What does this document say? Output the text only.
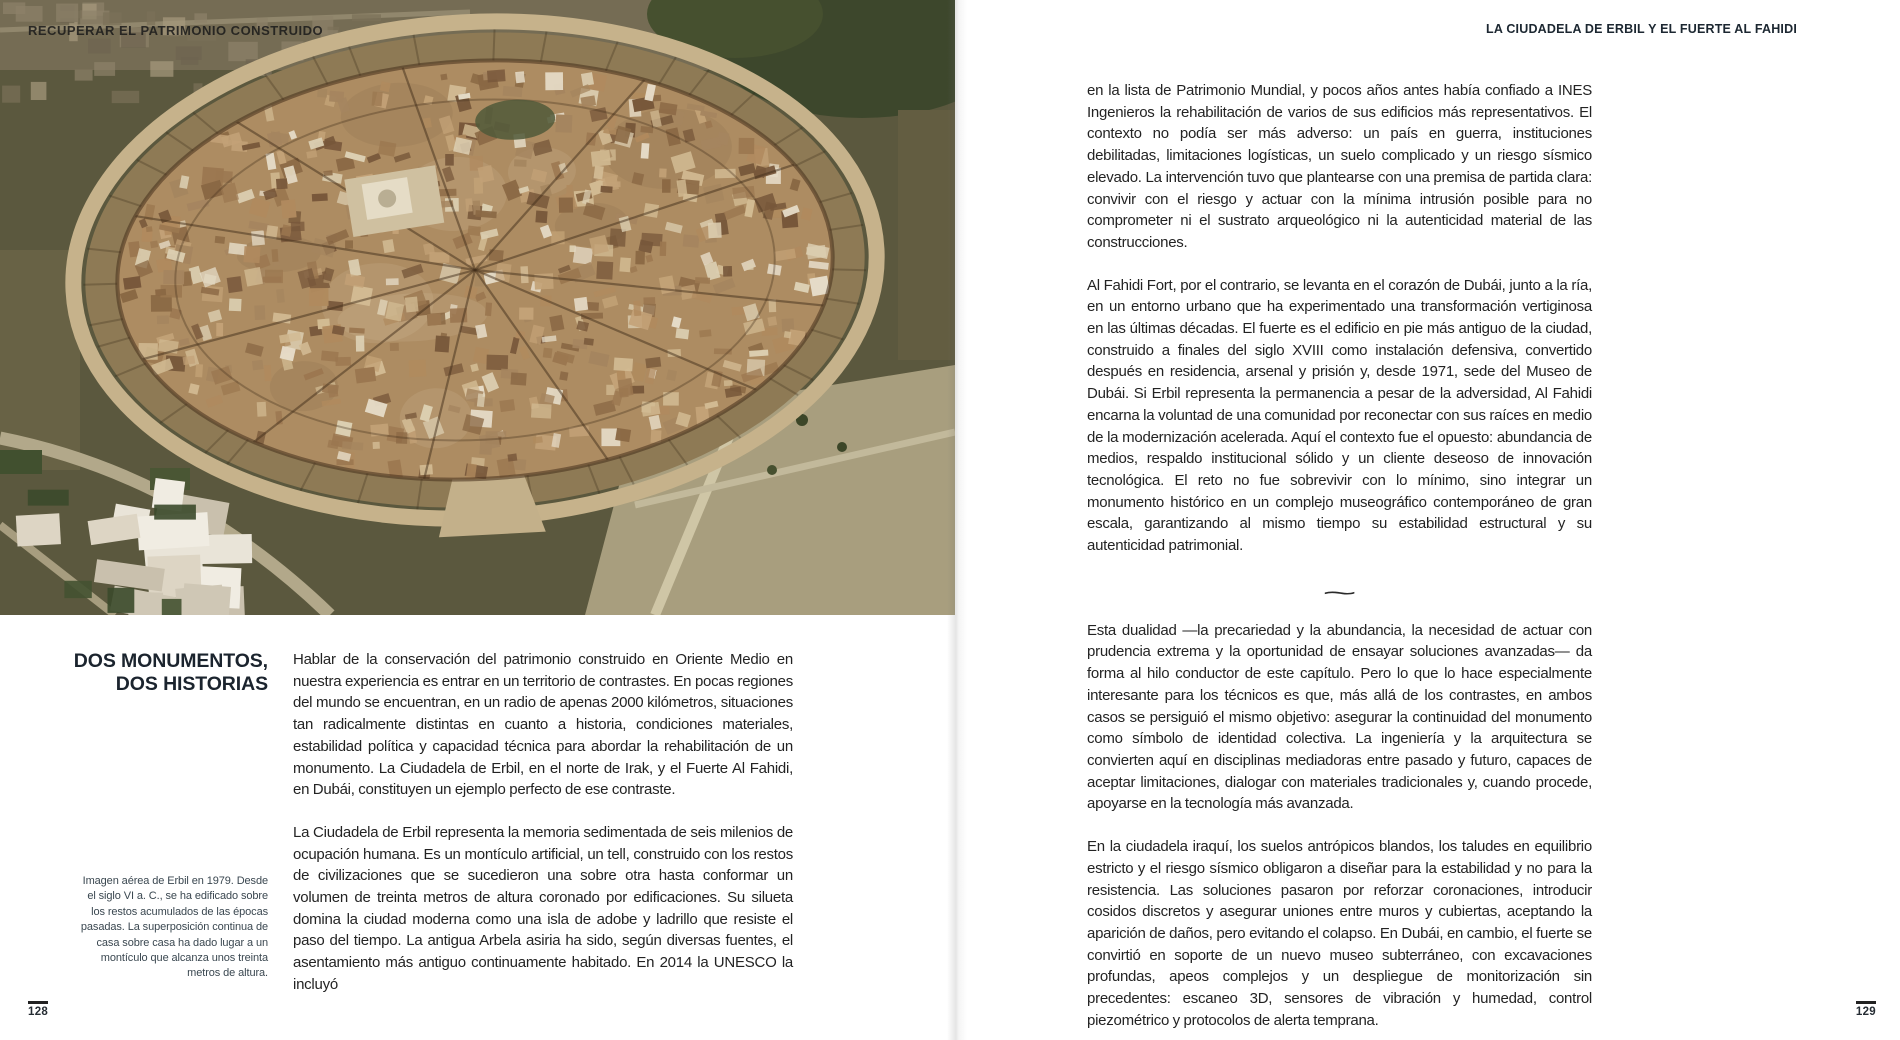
RECUPERAR EL PATRIMONIO CONSTRUIDO
DOS MONUMENTOS,
DOS HISTORIAS

Hablar de la conservación del patrimonio construido en Oriente Medio en nuestra experiencia es entrar en un territorio de contrastes. En pocas regiones del mundo se encuentran, en un radio de apenas 2000 kilómetros, situaciones tan radicalmente distintas en cuanto a historia, condiciones materiales, estabilidad política y capacidad técnica para abordar la rehabilitación de un monumento. La Ciudadela de Erbil, en el norte de Irak, y el Fuerte Al Fahidi, en Dubái, constituyen un ejemplo perfecto de ese contraste.

La Ciudadela de Erbil representa la memoria sedimentada de seis milenios de ocupación humana. Es un montículo artificial, un tell, construido con los restos de civilizaciones que se sucedieron una sobre otra hasta conformar un volumen de treinta metros de altura coronado por edificaciones. Su silueta domina la ciudad moderna como una isla de adobe y ladrillo que resiste el paso del tiempo. La antigua Arbela asiria ha sido, según diversas fuentes, el asentamiento más antiguo continuamente habitado. En 2014 la UNESCO la incluyó

Imagen aérea de Erbil en 1979. Desde el siglo VI a. C., se ha edificado sobre los restos acumulados de las épocas pasadas. La superposición continua de casa sobre casa ha dado lugar a un montículo que alcanza unos treinta metros de altura.
128
LA CIUDADELA DE ERBIL Y EL FUERTE AL FAHIDI

en la lista de Patrimonio Mundial, y pocos años antes había confiado a INES Ingenieros la rehabilitación de varios de sus edificios más representativos. El contexto no podía ser más adverso: un país en guerra, instituciones debilitadas, limitaciones logísticas, un suelo complicado y un riesgo sísmico elevado. La intervención tuvo que plantearse con una premisa de partida clara: convivir con el riesgo y actuar con la mínima intrusión posible para no comprometer ni el sustrato arqueológico ni la autenticidad material de las construcciones.

Al Fahidi Fort, por el contrario, se levanta en el corazón de Dubái, junto a la ría, en un entorno urbano que ha experimentado una transformación vertiginosa en las últimas décadas. El fuerte es el edificio en pie más antiguo de la ciudad, construido a finales del siglo XVIII como instalación defensiva, convertido después en residencia, arsenal y prisión y, desde 1971, sede del Museo de Dubái. Si Erbil representa la permanencia a pesar de la adversidad, Al Fahidi encarna la voluntad de una comunidad por reconectar con sus raíces en medio de la modernización acelerada. Aquí el contexto fue el opuesto: abundancia de medios, respaldo institucional sólido y un cliente deseoso de innovación tecnológica. El reto no fue sobrevivir con lo mínimo, sino integrar un monumento histórico en un complejo museográfico contemporáneo de gran escala, garantizando al mismo tiempo su estabilidad estructural y su autenticidad patrimonial.

~

Esta dualidad —la precariedad y la abundancia, la necesidad de actuar con prudencia extrema y la oportunidad de ensayar soluciones avanzadas— da forma al hilo conductor de este capítulo. Pero lo que lo hace especialmente interesante para los técnicos es que, más allá de los contrastes, en ambos casos se persiguió el mismo objetivo: asegurar la continuidad del monumento como símbolo de identidad colectiva. La ingeniería y la arquitectura se convierten aquí en disciplinas mediadoras entre pasado y futuro, capaces de aceptar limitaciones, dialogar con materiales tradicionales y, cuando procede, apoyarse en la tecnología más avanzada.

En la ciudadela iraquí, los suelos antrópicos blandos, los taludes en equilibrio estricto y el riesgo sísmico obligaron a diseñar para la estabilidad y no para la resistencia. Las soluciones pasaron por reforzar coronaciones, introducir cosidos discretos y asegurar uniones entre muros y cubiertas, aceptando la aparición de daños, pero evitando el colapso. En Dubái, en cambio, el fuerte se convirtió en soporte de un nuevo museo subterráneo, con excavaciones profundas, apeos complejos y un despliegue de monitorización sin precedentes: escaneo 3D, sensores de vibración y humedad, control piezométrico y protocolos de alerta temprana.	129
